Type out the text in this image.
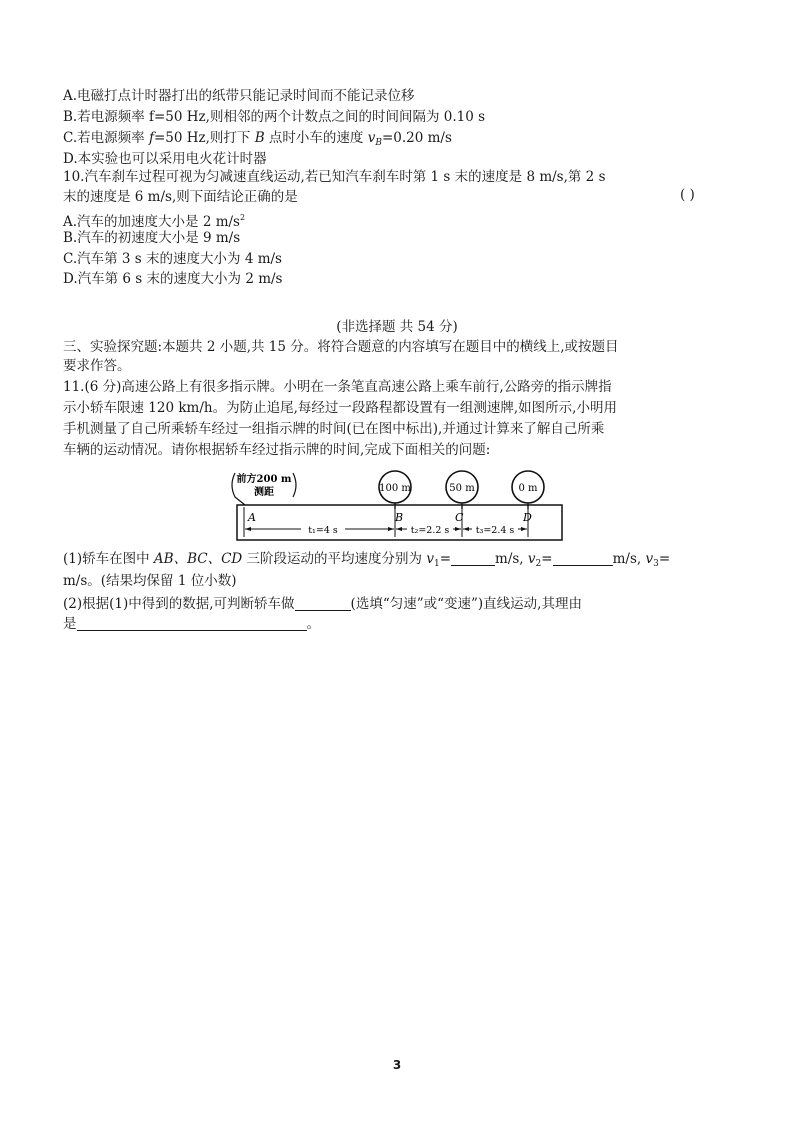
A.电磁打点计时器打出的纸带只能记录时间而不能记录位移
B.若电源频率 f=50 Hz,则相邻的两个计数点之间的时间间隔为 0.10 s
C.若电源频率 f=50 Hz,则打下 B 点时小车的速度 $v_B=0.20$ m/s
D.本实验也可以采用电火花计时器
10.汽车刹车过程可视为匀减速直线运动,若已知汽车刹车时第 1 s 末的速度是 8 m/s,第 2 s
末的速度是 6 m/s,则下面结论正确的是	( )
A.汽车的加速度大小是 2 $m/s^2$
B.汽车的初速度大小是 9 m/s
C.汽车第 3 s 末的速度大小为 4 m/s
D.汽车第 6 s 末的速度大小为 2 m/s
(非选择题 共 54 分)
三、实验探究题:本题共 2 小题,共 15 分。将符合题意的内容填写在题目中的横线上,或按题目
要求作答。
11.(6 分)高速公路上有很多指示牌。小明在一条笔直高速公路上乘车前行,公路旁的指示牌指
示小轿车限速 120 km/h。为防止追尾,每经过一段路程都设置有一组测速牌,如图所示,小明用
手机测量了自己所乘轿车经过一组指示牌的时间(已在图中标出),并通过计算来了解自己所乘
车辆的运动情况。请你根据轿车经过指示牌的时间,完成下面相关的问题:
前方200 m
测距	100 m	50 m	0 m
A	B	C	D
t₁=4 s	t₂=2.2 s	t₃=2.4 s
(1)轿车在图中 AB、BC、CD 三阶段运动的平均速度分别为 $v_1=$	m/s, $v_2=$	m/s, $v_3=$
m/s。(结果均保留 1 位小数)
(2)根据(1)中得到的数据,可判断轿车做	(选填“匀速”或“变速”)直线运动,其理由
是	。
3
